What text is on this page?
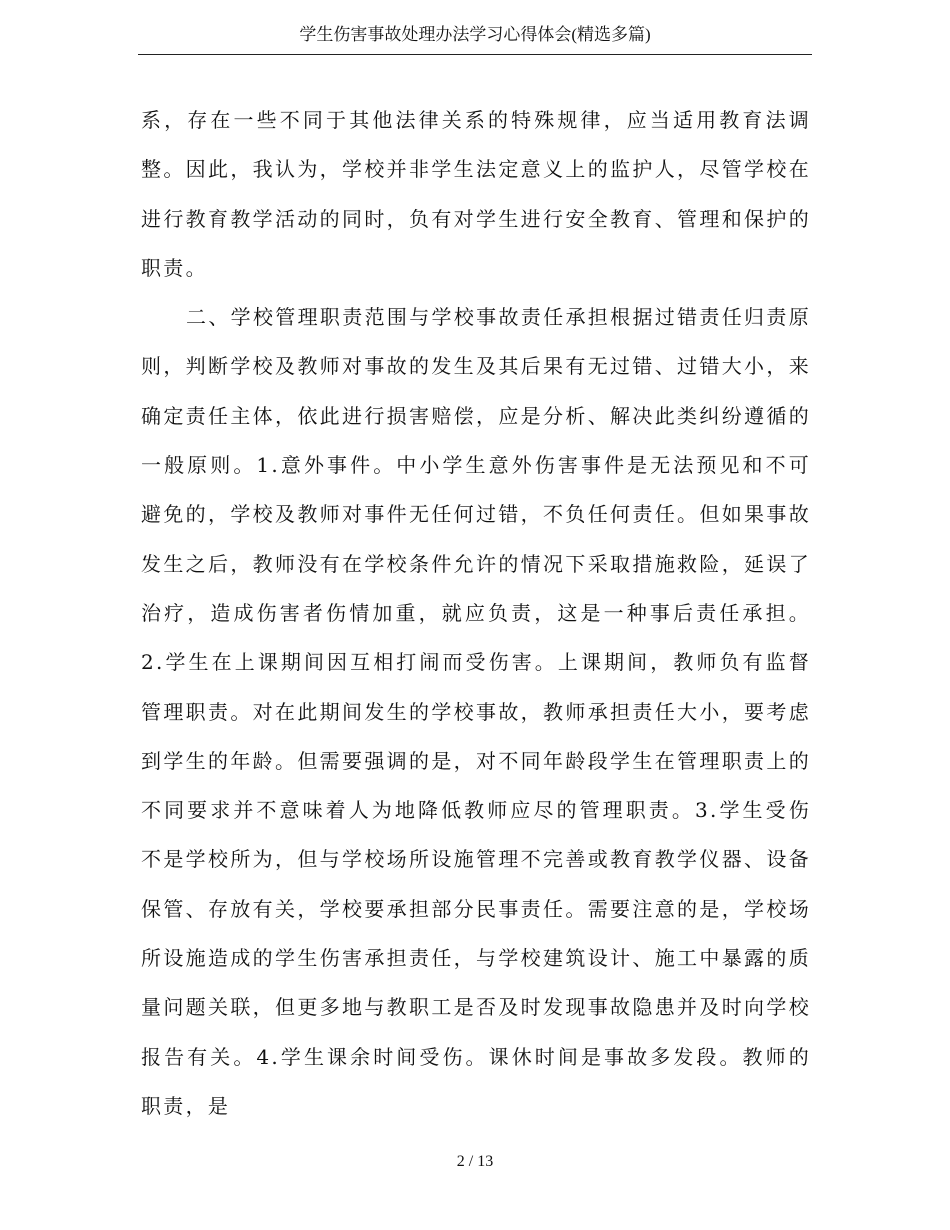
学生伤害事故处理办法学习心得体会(精选多篇)

系，存在一些不同于其他法律关系的特殊规律，应当适用教育法调整。因此，我认为，学校并非学生法定意义上的监护人，尽管学校在进行教育教学活动的同时，负有对学生进行安全教育、管理和保护的职责。

二、学校管理职责范围与学校事故责任承担根据过错责任归责原则，判断学校及教师对事故的发生及其后果有无过错、过错大小，来确定责任主体，依此进行损害赔偿，应是分析、解决此类纠纷遵循的一般原则。1.意外事件。中小学生意外伤害事件是无法预见和不可避免的，学校及教师对事件无任何过错，不负任何责任。但如果事故发生之后，教师没有在学校条件允许的情况下采取措施救险，延误了治疗，造成伤害者伤情加重，就应负责，这是一种事后责任承担。2.学生在上课期间因互相打闹而受伤害。上课期间，教师负有监督管理职责。对在此期间发生的学校事故，教师承担责任大小，要考虑到学生的年龄。但需要强调的是，对不同年龄段学生在管理职责上的不同要求并不意味着人为地降低教师应尽的管理职责。3.学生受伤不是学校所为，但与学校场所设施管理不完善或教育教学仪器、设备保管、存放有关，学校要承担部分民事责任。需要注意的是，学校场所设施造成的学生伤害承担责任，与学校建筑设计、施工中暴露的质量问题关联，但更多地与教职工是否及时发现事故隐患并及时向学校报告有关。4.学生课余时间受伤。课休时间是事故多发段。教师的职责，是

2 / 13
